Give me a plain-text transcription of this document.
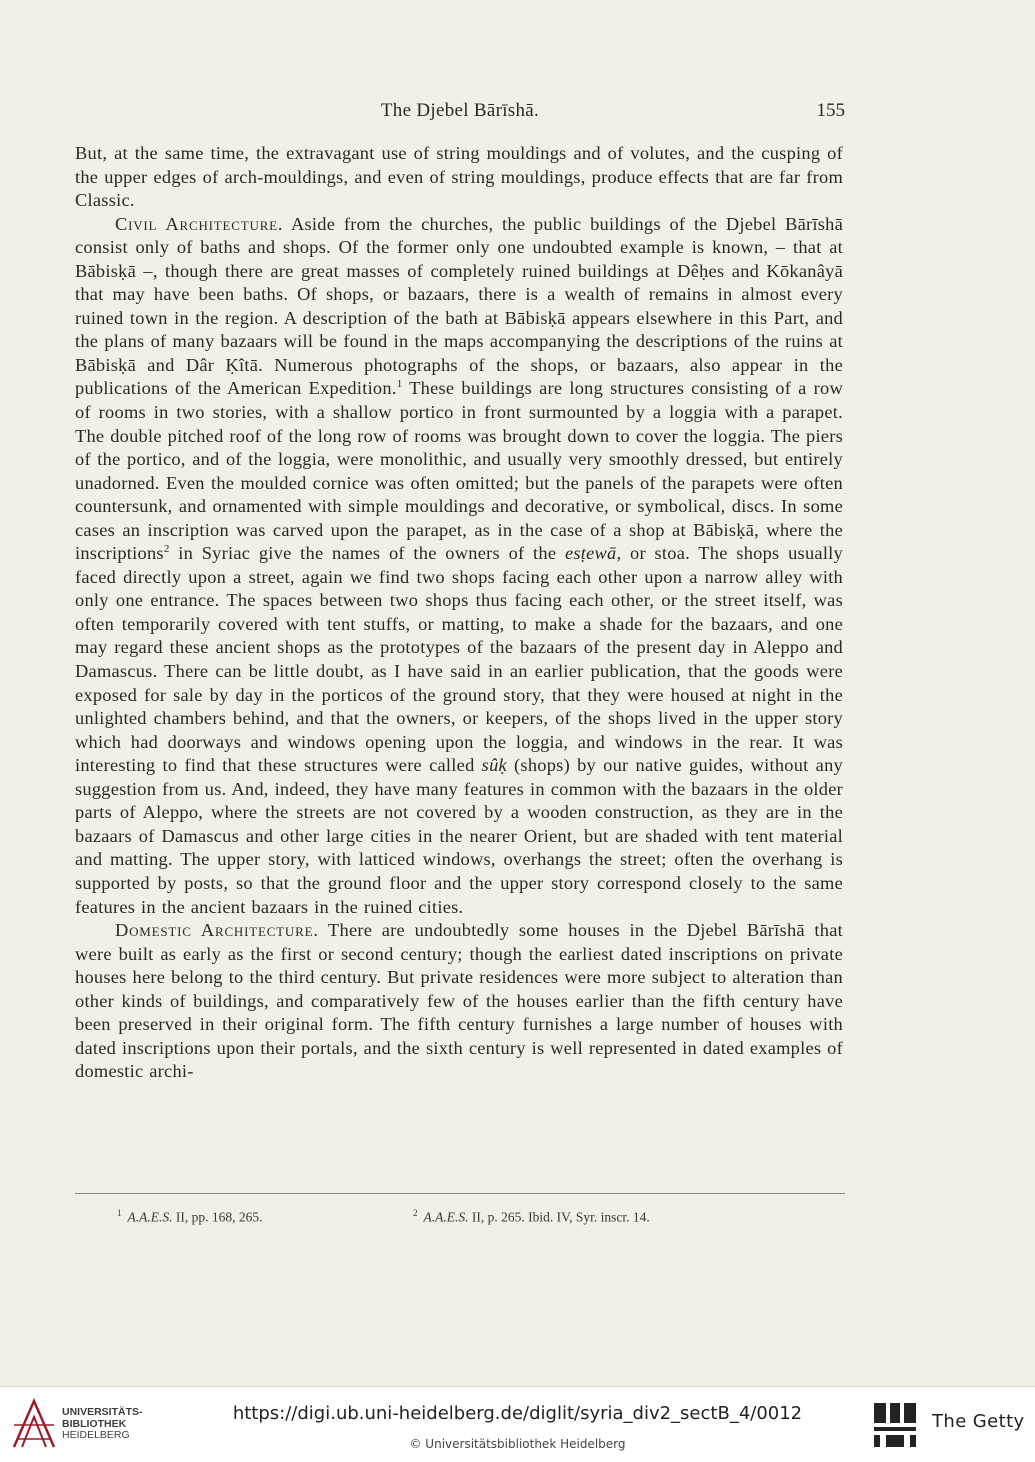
The Djebel Bārīshā.	155

But, at the same time, the extravagant use of string mouldings and of volutes, and the cusping of the upper edges of arch-mouldings, and even of string mouldings, produce effects that are far from Classic.

Civil Architecture. Aside from the churches, the public buildings of the Djebel Bārīshā consist only of baths and shops. Of the former only one undoubted example is known, – that at Bābisḳā –, though there are great masses of completely ruined buildings at Dêḥes and Kōkanâyā that may have been baths. Of shops, or bazaars, there is a wealth of remains in almost every ruined town in the region. A description of the bath at Bābisḳā appears elsewhere in this Part, and the plans of many bazaars will be found in the maps accompanying the descriptions of the ruins at Bābisḳā and Dâr Ḳîtā. Numerous photographs of the shops, or bazaars, also appear in the publications of the American Expedition.$^1$ These buildings are long structures consisting of a row of rooms in two stories, with a shallow portico in front surmounted by a loggia with a parapet. The double pitched roof of the long row of rooms was brought down to cover the loggia. The piers of the portico, and of the loggia, were monolithic, and usually very smoothly dressed, but entirely unadorned. Even the moulded cornice was often omitted; but the panels of the parapets were often countersunk, and ornamented with simple mouldings and decorative, or symbolical, discs. In some cases an inscription was carved upon the parapet, as in the case of a shop at Bābisḳā, where the inscriptions$^2$ in Syriac give the names of the owners of the esṭewā, or stoa. The shops usually faced directly upon a street, again we find two shops facing each other upon a narrow alley with only one entrance. The spaces between two shops thus facing each other, or the street itself, was often temporarily covered with tent stuffs, or matting, to make a shade for the bazaars, and one may regard these ancient shops as the prototypes of the bazaars of the present day in Aleppo and Damascus. There can be little doubt, as I have said in an earlier publication, that the goods were exposed for sale by day in the porticos of the ground story, that they were housed at night in the unlighted chambers behind, and that the owners, or keepers, of the shops lived in the upper story which had doorways and windows opening upon the loggia, and windows in the rear. It was interesting to find that these structures were called sûḳ (shops) by our native guides, without any suggestion from us. And, indeed, they have many features in common with the bazaars in the older parts of Aleppo, where the streets are not covered by a wooden construction, as they are in the bazaars of Damascus and other large cities in the nearer Orient, but are shaded with tent material and matting. The upper story, with latticed windows, overhangs the street; often the overhang is supported by posts, so that the ground floor and the upper story correspond closely to the same features in the ancient bazaars in the ruined cities.

Domestic Architecture. There are undoubtedly some houses in the Djebel Bārīshā that were built as early as the first or second century; though the earliest dated inscriptions on private houses here belong to the third century. But private residences were more subject to alteration than other kinds of buildings, and comparatively few of the houses earlier than the fifth century have been preserved in their original form. The fifth century furnishes a large number of houses with dated inscriptions upon their portals, and the sixth century is well represented in dated examples of domestic archi-

$^1$ A.A.E.S. II, pp. 168, 265.	$^2$ A.A.E.S. II, p. 265. Ibid. IV, Syr. inscr. 14.
UNIVERSITÄTS-
BIBLIOTHEK
HEIDELBERG
https://digi.ub.uni-heidelberg.de/diglit/syria_div2_sectB_4/0012
© Universitätsbibliothek Heidelberg
The Getty
